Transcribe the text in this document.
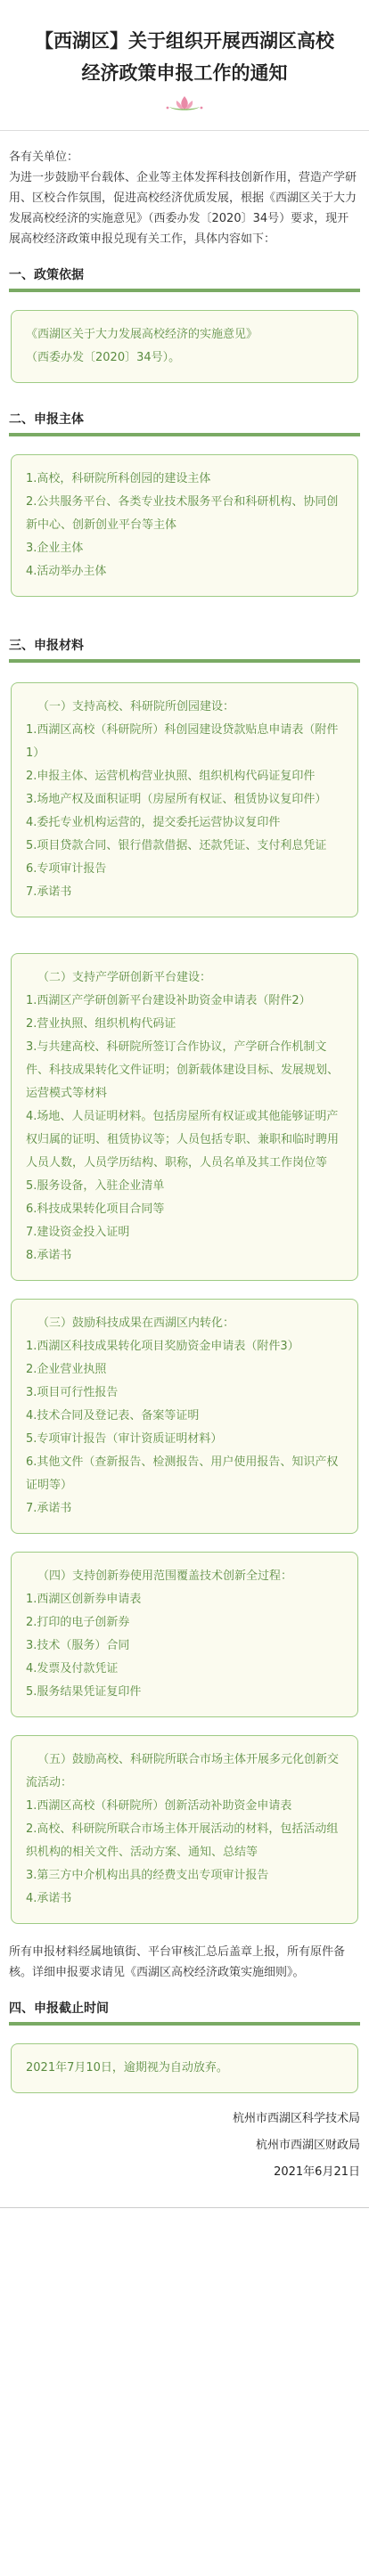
【西湖区】关于组织开展西湖区高校
经济政策申报工作的通知

各有关单位：

为进一步鼓励平台载体、企业等主体发挥科技创新作用，营造产学研用、区校合作氛围，促进高校经济优质发展，根据《西湖区关于大力发展高校经济的实施意见》（西委办发〔2020〕34号）要求，现开展高校经济政策申报兑现有关工作，具体内容如下：

一、政策依据

《西湖区关于大力发展高校经济的实施意见》

（西委办发〔2020〕34号）。

二、申报主体

1.高校，科研院所科创园的建设主体

2.公共服务平台、各类专业技术服务平台和科研机构、协同创新中心、创新创业平台等主体

3.企业主体

4.活动举办主体

三、申报材料

（一）支持高校、科研院所创园建设：

1.西湖区高校（科研院所）科创园建设贷款贴息申请表（附件1）

2.申报主体、运营机构营业执照、组织机构代码证复印件

3.场地产权及面积证明（房屋所有权证、租赁协议复印件）

4.委托专业机构运营的，提交委托运营协议复印件

5.项目贷款合同、银行借款借据、还款凭证、支付利息凭证

6.专项审计报告

7.承诺书

（二）支持产学研创新平台建设：

1.西湖区产学研创新平台建设补助资金申请表（附件2）

2.营业执照、组织机构代码证

3.与共建高校、科研院所签订合作协议，产学研合作机制文件、科技成果转化文件证明；创新载体建设目标、发展规划、运营模式等材料

4.场地、人员证明材料。包括房屋所有权证或其他能够证明产权归属的证明、租赁协议等；人员包括专职、兼职和临时聘用人员人数，人员学历结构、职称，人员名单及其工作岗位等

5.服务设备，入驻企业清单

6.科技成果转化项目合同等

7.建设资金投入证明

8.承诺书

（三）鼓励科技成果在西湖区内转化：

1.西湖区科技成果转化项目奖励资金申请表（附件3）

2.企业营业执照

3.项目可行性报告

4.技术合同及登记表、备案等证明

5.专项审计报告（审计资质证明材料）

6.其他文件（查新报告、检测报告、用户使用报告、知识产权证明等）

7.承诺书

（四）支持创新券使用范围覆盖技术创新全过程：

1.西湖区创新券申请表

2.打印的电子创新券

3.技术（服务）合同

4.发票及付款凭证

5.服务结果凭证复印件

（五）鼓励高校、科研院所联合市场主体开展多元化创新交流活动：

1.西湖区高校（科研院所）创新活动补助资金申请表

2.高校、科研院所联合市场主体开展活动的材料，包括活动组织机构的相关文件、活动方案、通知、总结等

3.第三方中介机构出具的经费支出专项审计报告

4.承诺书

所有申报材料经属地镇街、平台审核汇总后盖章上报，所有原件备核。详细申报要求请见《西湖区高校经济政策实施细则》。
四、申报截止时间

2021年7月10日，逾期视为自动放弃。

杭州市西湖区科学技术局
杭州市西湖区财政局
2021年6月21日
